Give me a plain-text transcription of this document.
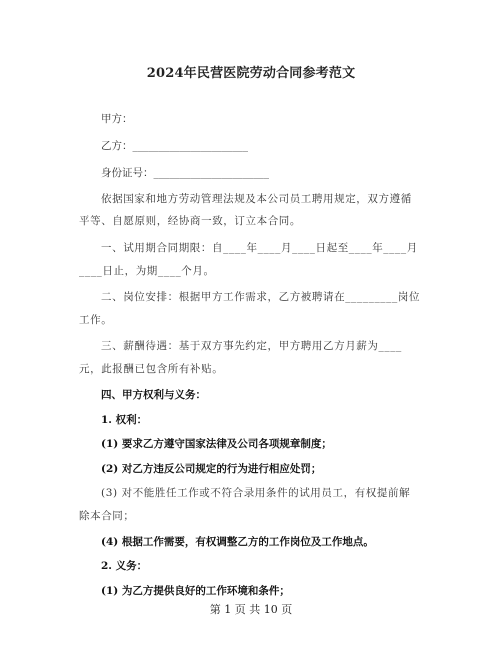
2024年民营医院劳动合同参考范文
甲方：
乙方：______________________
身份证号：______________________
依据国家和地方劳动管理法规及本公司员工聘用规定，双方遵循
平等、自愿原则，经协商一致，订立本合同。
一、试用期合同期限：自____年____月____日起至____年____月
____日止，为期____个月。
二、岗位安排：根据甲方工作需求，乙方被聘请在_________岗位
工作。
三、薪酬待遇：基于双方事先约定，甲方聘用乙方月薪为____
元，此报酬已包含所有补贴。
四、甲方权利与义务：
1. 权利：
(1) 要求乙方遵守国家法律及公司各项规章制度；
(2) 对乙方违反公司规定的行为进行相应处罚；
(3) 对不能胜任工作或不符合录用条件的试用员工，有权提前解
除本合同；
(4) 根据工作需要，有权调整乙方的工作岗位及工作地点。
2. 义务：
(1) 为乙方提供良好的工作环境和条件；
第 1 页 共 10 页
